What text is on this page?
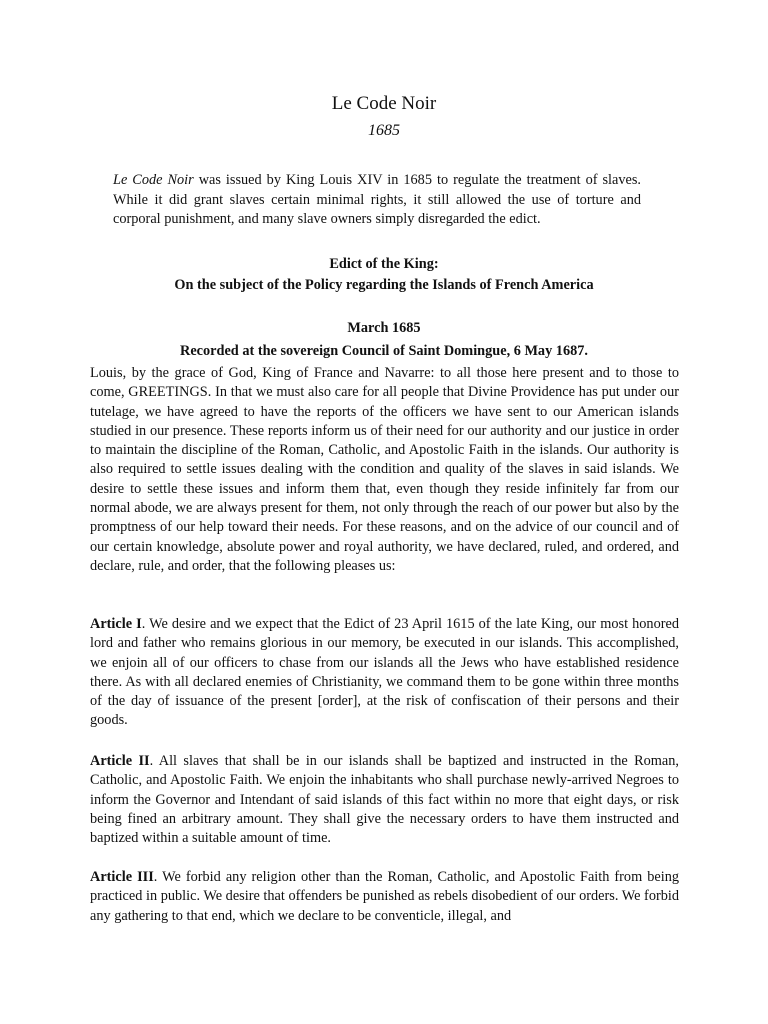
Le Code Noir
1685

Le Code Noir was issued by King Louis XIV in 1685 to regulate the treatment of slaves. While it did grant slaves certain minimal rights, it still allowed the use of torture and corporal punishment, and many slave owners simply disregarded the edict.

Edict of the King:

On the subject of the Policy regarding the Islands of French America

March 1685

Recorded at the sovereign Council of Saint Domingue, 6 May 1687.

Louis, by the grace of God, King of France and Navarre: to all those here present and to those to come, GREETINGS. In that we must also care for all people that Divine Providence has put under our tutelage, we have agreed to have the reports of the officers we have sent to our American islands studied in our presence. These reports inform us of their need for our authority and our justice in order to maintain the discipline of the Roman, Catholic, and Apostolic Faith in the islands. Our authority is also required to settle issues dealing with the condition and quality of the slaves in said islands. We desire to settle these issues and inform them that, even though they reside infinitely far from our normal abode, we are always present for them, not only through the reach of our power but also by the promptness of our help toward their needs. For these reasons, and on the advice of our council and of our certain knowledge, absolute power and royal authority, we have declared, ruled, and ordered, and declare, rule, and order, that the following pleases us:

Article I. We desire and we expect that the Edict of 23 April 1615 of the late King, our most honored lord and father who remains glorious in our memory, be executed in our islands. This accomplished, we enjoin all of our officers to chase from our islands all the Jews who have established residence there. As with all declared enemies of Christianity, we command them to be gone within three months of the day of issuance of the present [order], at the risk of confiscation of their persons and their goods.

Article II. All slaves that shall be in our islands shall be baptized and instructed in the Roman, Catholic, and Apostolic Faith. We enjoin the inhabitants who shall purchase newly-arrived Negroes to inform the Governor and Intendant of said islands of this fact within no more that eight days, or risk being fined an arbitrary amount. They shall give the necessary orders to have them instructed and baptized within a suitable amount of time.

Article III. We forbid any religion other than the Roman, Catholic, and Apostolic Faith from being practiced in public. We desire that offenders be punished as rebels disobedient of our orders. We forbid any gathering to that end, which we declare to be conventicle, illegal, and
